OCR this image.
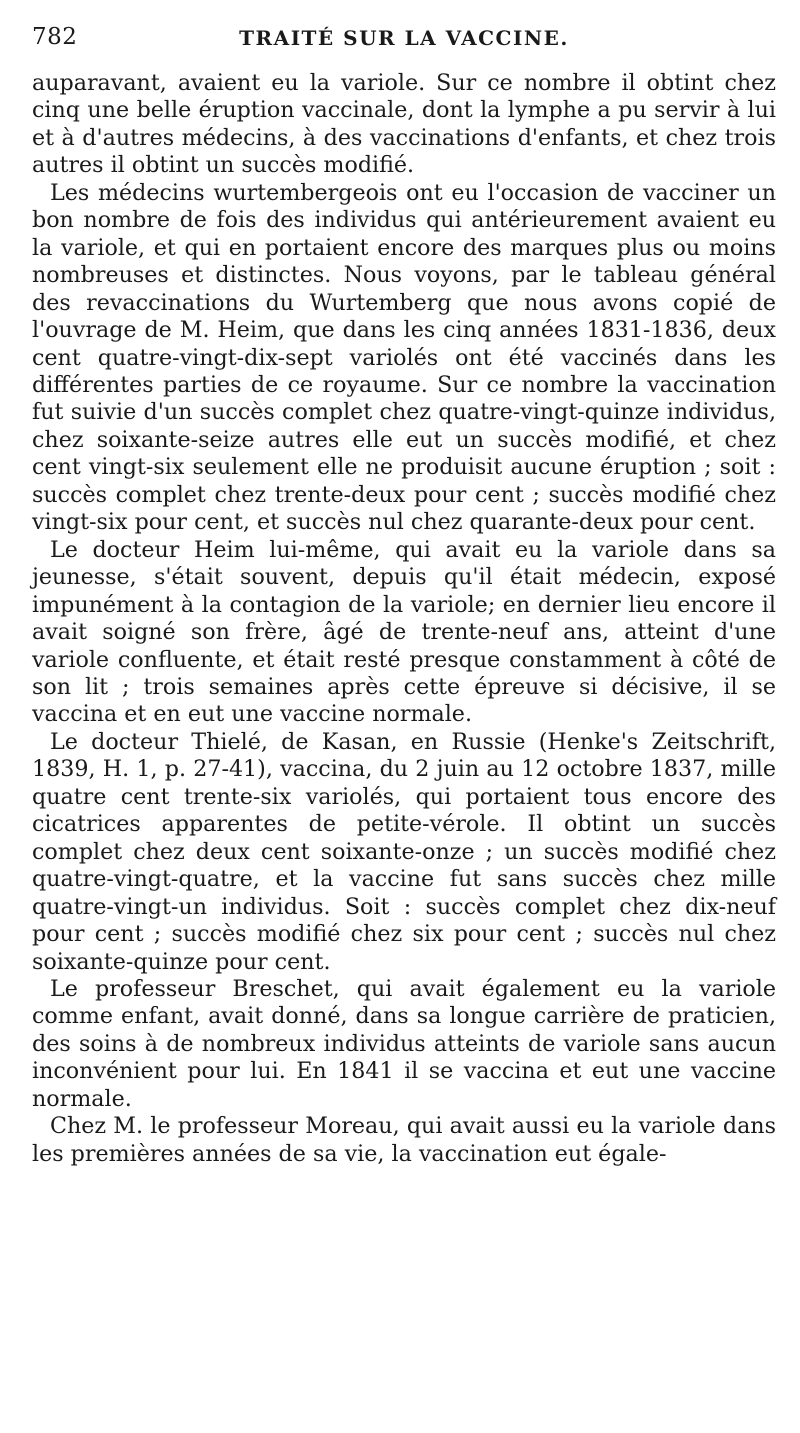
782	TRAITÉ SUR LA VACCINE.

auparavant, avaient eu la variole. Sur ce nombre il obtint chez cinq une belle éruption vaccinale, dont la lymphe a pu servir à lui et à d'autres médecins, à des vaccinations d'enfants, et chez trois autres il obtint un succès modifié.

Les médecins wurtembergeois ont eu l'occasion de vacciner un bon nombre de fois des individus qui antérieurement avaient eu la variole, et qui en portaient encore des marques plus ou moins nombreuses et distinctes. Nous voyons, par le tableau général des revaccinations du Wurtemberg que nous avons copié de l'ouvrage de M. Heim, que dans les cinq années 1831-1836, deux cent quatre-vingt-dix-sept variolés ont été vaccinés dans les différentes parties de ce royaume. Sur ce nombre la vaccination fut suivie d'un succès complet chez quatre-vingt-quinze individus, chez soixante-seize autres elle eut un succès modifié, et chez cent vingt-six seulement elle ne produisit aucune éruption ; soit : succès complet chez trente-deux pour cent ; succès modifié chez vingt-six pour cent, et succès nul chez quarante-deux pour cent.

Le docteur Heim lui-même, qui avait eu la variole dans sa jeunesse, s'était souvent, depuis qu'il était médecin, exposé impunément à la contagion de la variole; en dernier lieu encore il avait soigné son frère, âgé de trente-neuf ans, atteint d'une variole confluente, et était resté presque constamment à côté de son lit ; trois semaines après cette épreuve si décisive, il se vaccina et en eut une vaccine normale.

Le docteur Thielé, de Kasan, en Russie (Henke's Zeitschrift, 1839, H. 1, p. 27-41), vaccina, du 2 juin au 12 octobre 1837, mille quatre cent trente-six variolés, qui portaient tous encore des cicatrices apparentes de petite-vérole. Il obtint un succès complet chez deux cent soixante-onze ; un succès modifié chez quatre-vingt-quatre, et la vaccine fut sans succès chez mille quatre-vingt-un individus. Soit : succès complet chez dix-neuf pour cent ; succès modifié chez six pour cent ; succès nul chez soixante-quinze pour cent.

Le professeur Breschet, qui avait également eu la variole comme enfant, avait donné, dans sa longue carrière de praticien, des soins à de nombreux individus atteints de variole sans aucun inconvénient pour lui. En 1841 il se vaccina et eut une vaccine normale.

Chez M. le professeur Moreau, qui avait aussi eu la variole dans les premières années de sa vie, la vaccination eut égale-
